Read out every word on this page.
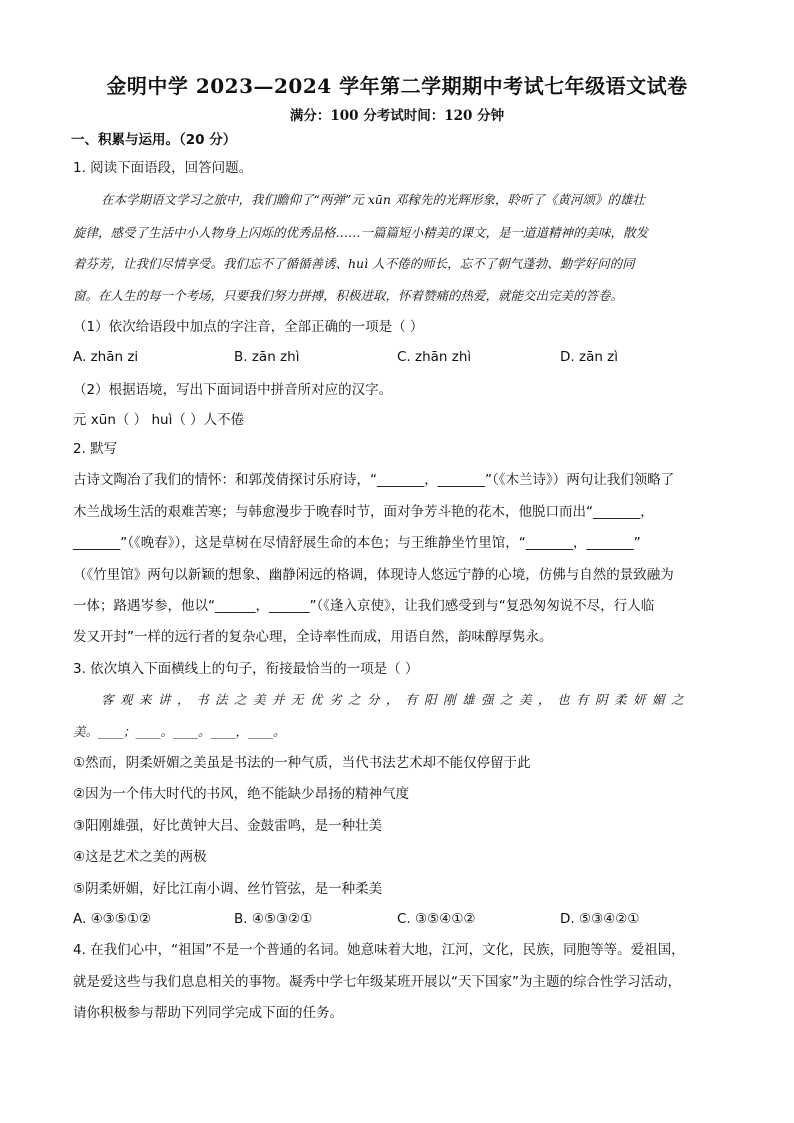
金明中学 2023—2024 学年第二学期期中考试七年级语文试卷
满分：100 分考试时间：120 分钟
一、积累与运用。（20 分）
1. 阅读下面语段，回答问题。
在本学期语文学习之旅中，我们瞻仰了“两弹”元 xūn 邓稼先的光辉形象，聆听了《黄河颂》的雄壮
旋律，感受了生活中小人物身上闪烁的优秀品格……一篇篇短小精美的课文，是一道道精神的美味，散发
着芬芳，让我们尽情享受。我们忘不了循循善诱、huì 人不倦的师长，忘不了朝气蓬勃、勤学好问的同
窗。在人生的每一个考场，只要我们努力拼搏，积极进取，怀着赞痛的热爱，就能交出完美的答卷。
（1）依次给语段中加点的字注音，全部正确的一项是（ ）
A. zhān zi	B. zān zhì	C. zhān zhì	D. zān zì
（2）根据语境，写出下面词语中拼音所对应的汉字。
元 xūn（ ） huì（ ）人不倦
2. 默写
古诗文陶冶了我们的情怀：和郭茂倩探讨乐府诗，“_______，_______”（《木兰诗》）两句让我们领略了
木兰战场生活的艰难苦寒；与韩愈漫步于晚春时节，面对争芳斗艳的花木，他脱口而出“_______，
_______”（《晚春》），这是草树在尽情舒展生命的本色；与王维静坐竹里馆，“_______，_______”
（《竹里馆》两句以新颖的想象、幽静闲远的格调，体现诗人悠远宁静的心境，仿佛与自然的景致融为
一体；路遇岑参，他以“______，______”（《逢入京使》，让我们感受到与“复恐匆匆说不尽，行人临
发又开封”一样的远行者的复杂心理，全诗率性而成，用语自然，韵味醇厚隽永。
3. 依次填入下面横线上的句子，衔接最恰当的一项是（ ）
客观来讲，书法之美并无优劣之分，有阳刚雄强之美，也有阴柔妍媚之
美。____；____。____。____，____。
①然而，阴柔妍媚之美虽是书法的一种气质，当代书法艺术却不能仅停留于此
②因为一个伟大时代的书风，绝不能缺少昂扬的精神气度
③阳刚雄强，好比黄钟大吕、金鼓雷鸣，是一种壮美
④这是艺术之美的两极
⑤阴柔妍媚，好比江南小调、丝竹管弦，是一种柔美
A. ④③⑤①②	B. ④⑤③②①	C. ③⑤④①②	D. ⑤③④②①
4. 在我们心中，“祖国”不是一个普通的名词。她意味着大地，江河，文化，民族，同胞等等。爱祖国，
就是爱这些与我们息息相关的事物。凝秀中学七年级某班开展以“天下国家”为主题的综合性学习活动，
请你积极参与帮助下列同学完成下面的任务。
